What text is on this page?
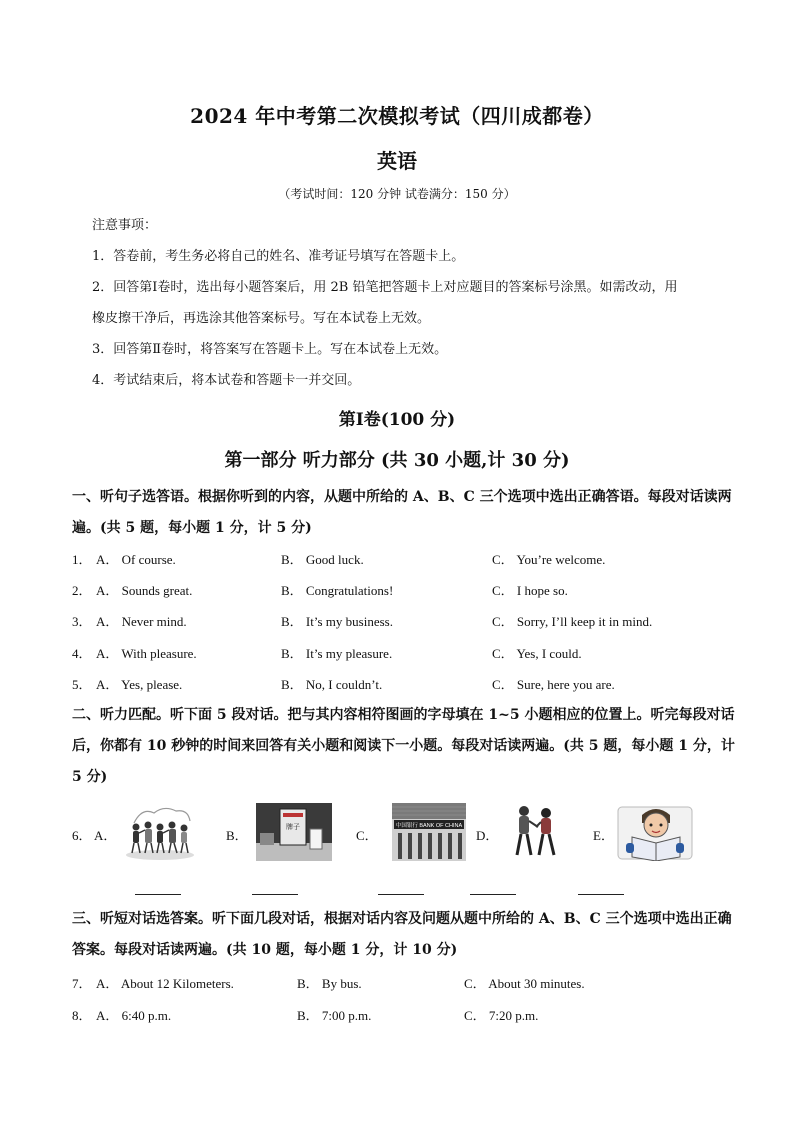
2024 年中考第二次模拟考试（四川成都卷）
英语
（考试时间：120 分钟 试卷满分：150 分）
注意事项：
1．答卷前，考生务必将自己的姓名、准考证号填写在答题卡上。
2．回答第Ⅰ卷时，选出每小题答案后，用 2B 铅笔把答题卡上对应题目的答案标号涂黑。如需改动，用
橡皮擦干净后，再选涂其他答案标号。写在本试卷上无效。
3．回答第Ⅱ卷时，将答案写在答题卡上。写在本试卷上无效。
4．考试结束后，将本试卷和答题卡一并交回。
第Ⅰ卷(100 分)
第一部分 听力部分 (共 30 小题,计 30 分)
一、听句子选答语。根据你听到的内容，从题中所给的 A、B、C 三个选项中选出正确答语。每段对话读两遍。(共 5 题，每小题 1 分，计 5 分)
1． A． Of course.	B． Good luck.	C． You’re welcome.
2． A． Sounds great.	B． Congratulations!	C． I hope so.
3． A． Never mind.	B． It’s my business.	C． Sorry, I’ll keep it in mind.
4． A． With pleasure.	B． It’s my pleasure.	C． Yes, I could.
5． A． Yes, please.	B． No, I couldn’t.	C． Sure, here you are.
二、听力匹配。听下面 5 段对话。把与其内容相符图画的字母填在 1~5 小题相应的位置上。听完每段对话后，你都有 10 秒钟的时间来回答有关小题和阅读下一小题。每段对话读两遍。(共 5 题，每小题 1 分，计 5 分)
6． A．	B．
牌子
C．
中国银行 BANK OF CHINA
D．	E．
三、听短对话选答案。听下面几段对话，根据对话内容及问题从题中所给的 A、B、C 三个选项中选出正确答案。每段对话读两遍。(共 10 题，每小题 1 分，计 10 分)
7． A． About 12 Kilometers.	B． By bus.	C． About 30 minutes.
8． A． 6:40 p.m.	B． 7:00 p.m.	C． 7:20 p.m.
